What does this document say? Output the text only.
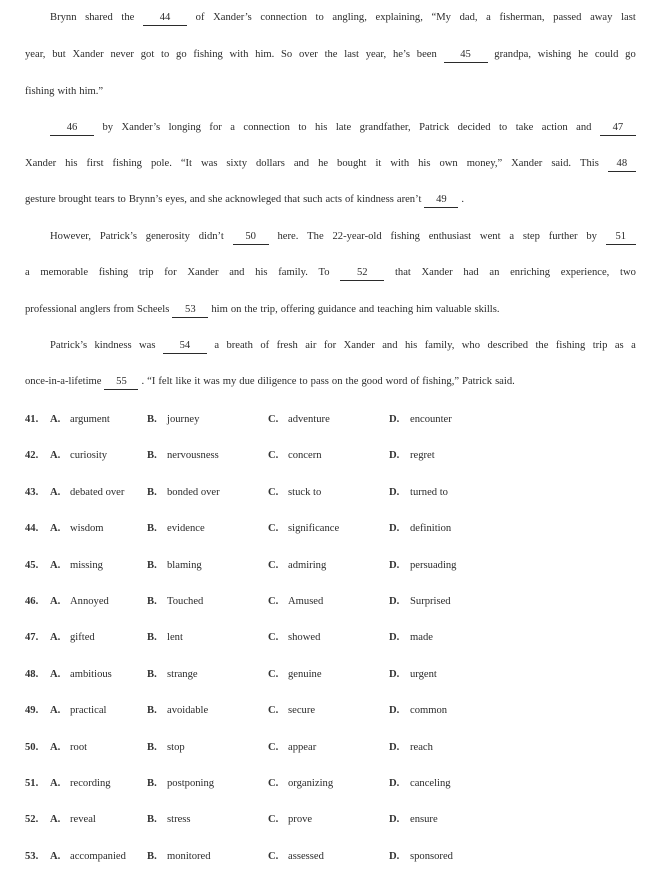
Brynn shared the	44	of Xander’s connection to angling, explaining, “My dad, a fisherman, passed away last
year, but Xander never got to go fishing with him. So over the last year, he’s been	45	grandpa, wishing he could go
fishing with him.”
46	by Xander’s longing for a connection to his late grandfather, Patrick decided to take action and	47
Xander his first fishing pole. “It was sixty dollars and he bought it with his own money,” Xander said. This	48
gesture brought tears to Brynn’s eyes, and she acknowleged that such acts of kindness aren’t	49	.
However, Patrick’s generosity didn’t	50	here. The 22-year-old fishing enthusiast went a step further by	51
a memorable fishing trip for Xander and his family. To	52	that Xander had an enriching experience, two
professional anglers from Scheels	53	him on the trip, offering guidance and teaching him valuable skills.
Patrick’s kindness was	54	a breath of fresh air for Xander and his family, who described the fishing trip as a
once-in-a-lifetime	55	. “I felt like it was my due diligence to pass on the good word of fishing,” Patrick said.
41. A. argument	B. journey	C. adventure	D. encounter
42. A. curiosity	B. nervousness	C. concern	D. regret
43. A. debated over B. bonded over	C. stuck to	D. turned to
44. A. wisdom	B. evidence	C. significance	D. definition
45. A. missing	B. blaming	C. admiring	D. persuading
46. A. Annoyed	B. Touched	C. Amused	D. Surprised
47. A. gifted	B. lent	C. showed	D. made
48. A. ambitious	B. strange	C. genuine	D. urgent
49. A. practical	B. avoidable	C. secure	D. common
50. A. root	B. stop	C. appear	D. reach
51. A. recording	B. postponing	C. organizing	D. canceling
52. A. reveal	B. stress	C. prove	D. ensure
53. A. accompanied B. monitored	C. assessed	D. sponsored
